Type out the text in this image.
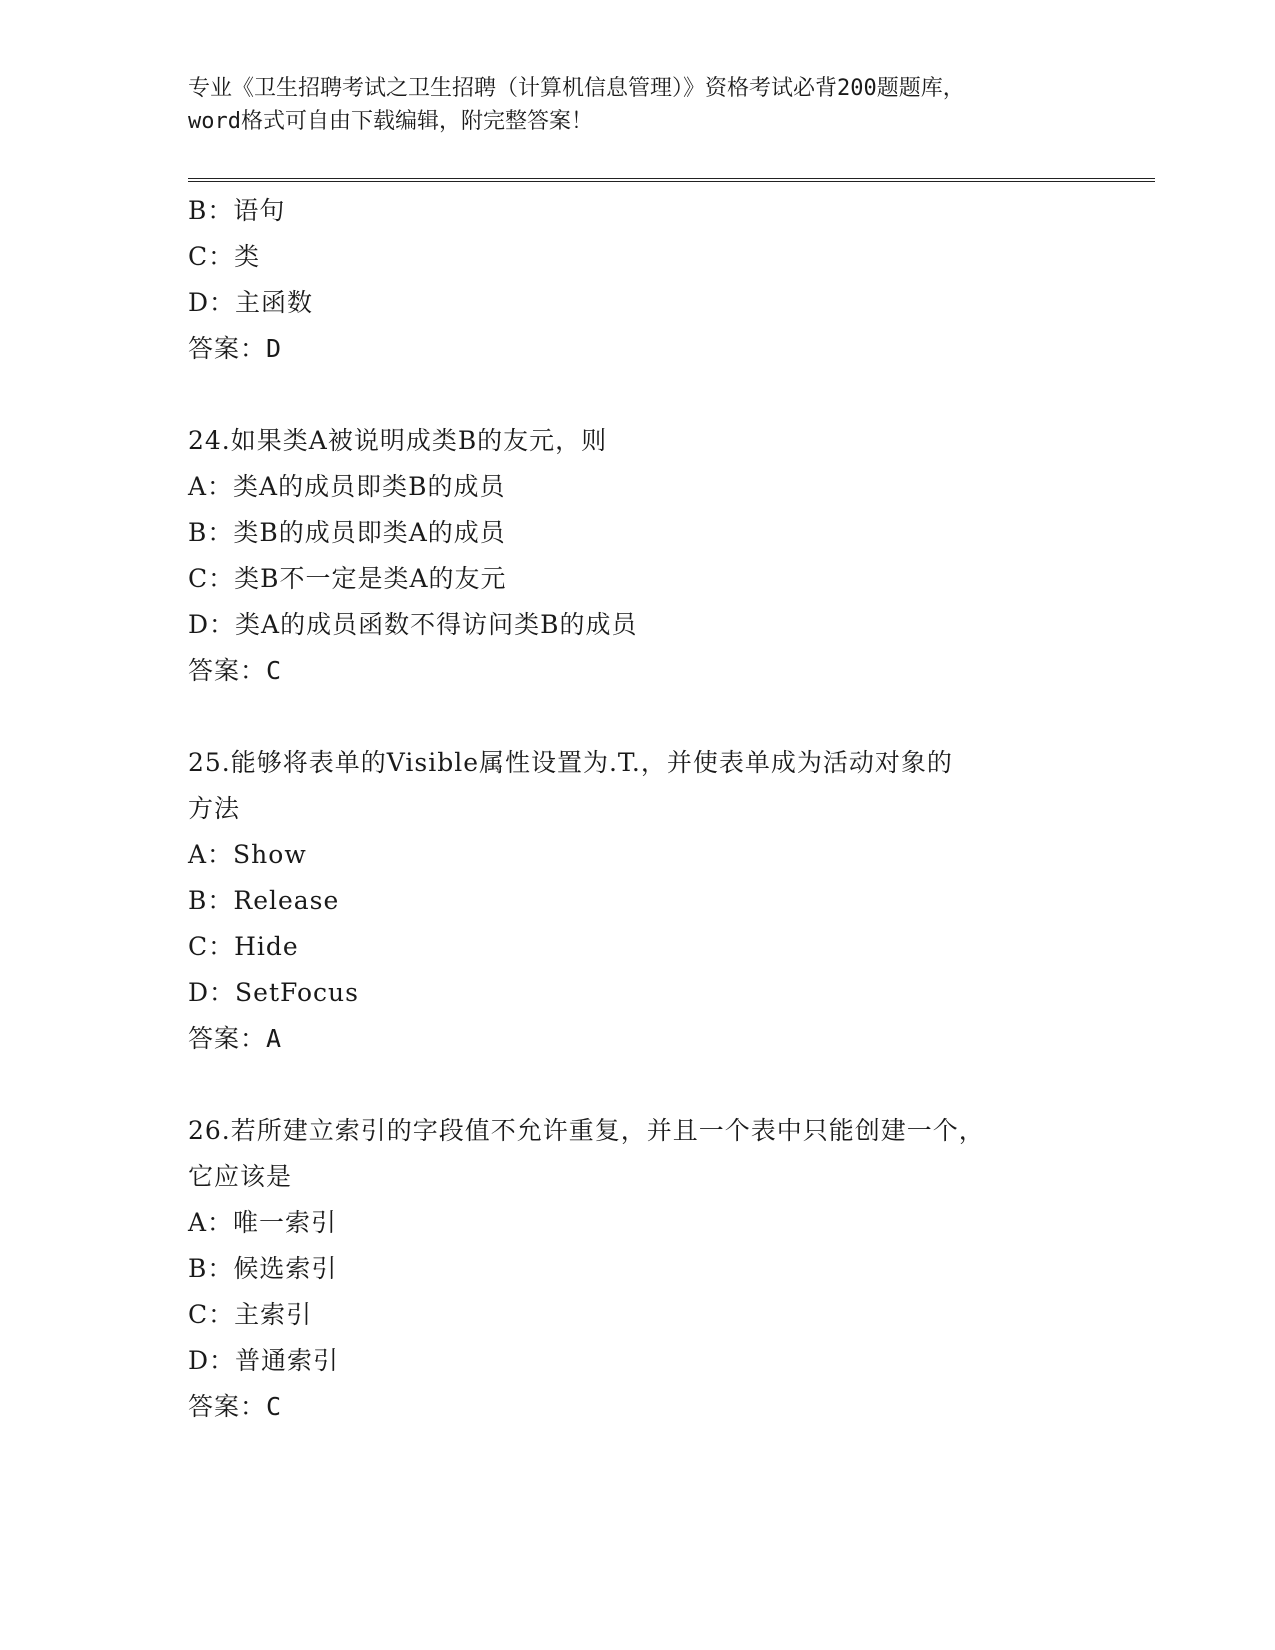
专业《卫生招聘考试之卫生招聘（计算机信息管理）》资格考试必背200题题库，
word格式可自由下载编辑，附完整答案！
B：语句
C：类
D：主函数
答案：D
24.如果类A被说明成类B的友元，则
A：类A的成员即类B的成员
B：类B的成员即类A的成员
C：类B不一定是类A的友元
D：类A的成员函数不得访问类B的成员
答案：C
25.能够将表单的Visible属性设置为.T.，并使表单成为活动对象的
方法
A：Show
B：Release
C：Hide
D：SetFocus
答案：A
26.若所建立索引的字段值不允许重复，并且一个表中只能创建一个，
它应该是
A：唯一索引
B：候选索引
C：主索引
D：普通索引
答案：C
